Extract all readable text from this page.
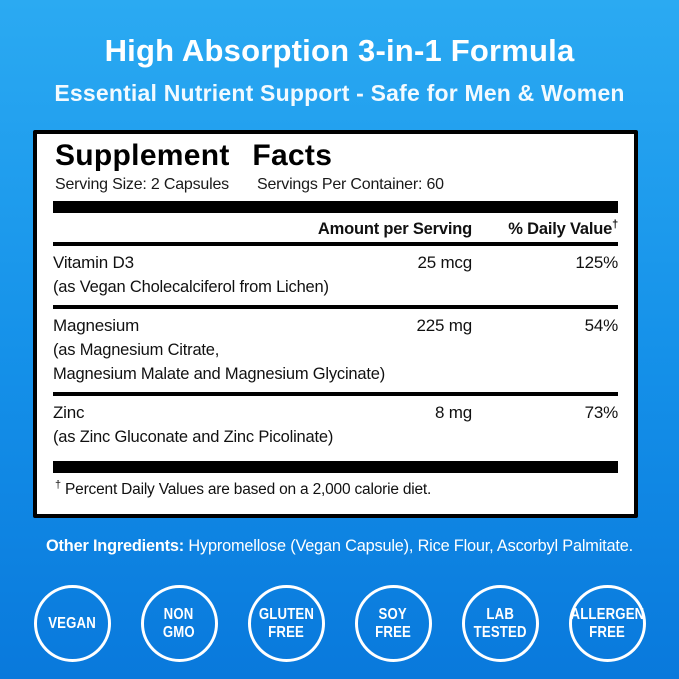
High Absorption 3-in-1 Formula

Essential Nutrient Support - Safe for Men & Women

Supplement Facts
Serving Size: 2 Capsules Servings Per Container: 60
Amount per Serving	% Daily Value†
Vitamin D3	25 mcg	125%
(as Vegan Cholecalciferol from Lichen)
Magnesium	225 mg	54%
(as Magnesium Citrate,
Magnesium Malate and Magnesium Glycinate)
Zinc	8 mg	73%
(as Zinc Gluconate and Zinc Picolinate)
† Percent Daily Values are based on a 2,000 calorie diet.

Other Ingredients: Hypromellose (Vegan Capsule), Rice Flour, Ascorbyl Palmitate.

VEGAN
NON
GMO
GLUTEN
FREE
SOY
FREE
LAB
TESTED
ALLERGEN
FREE
